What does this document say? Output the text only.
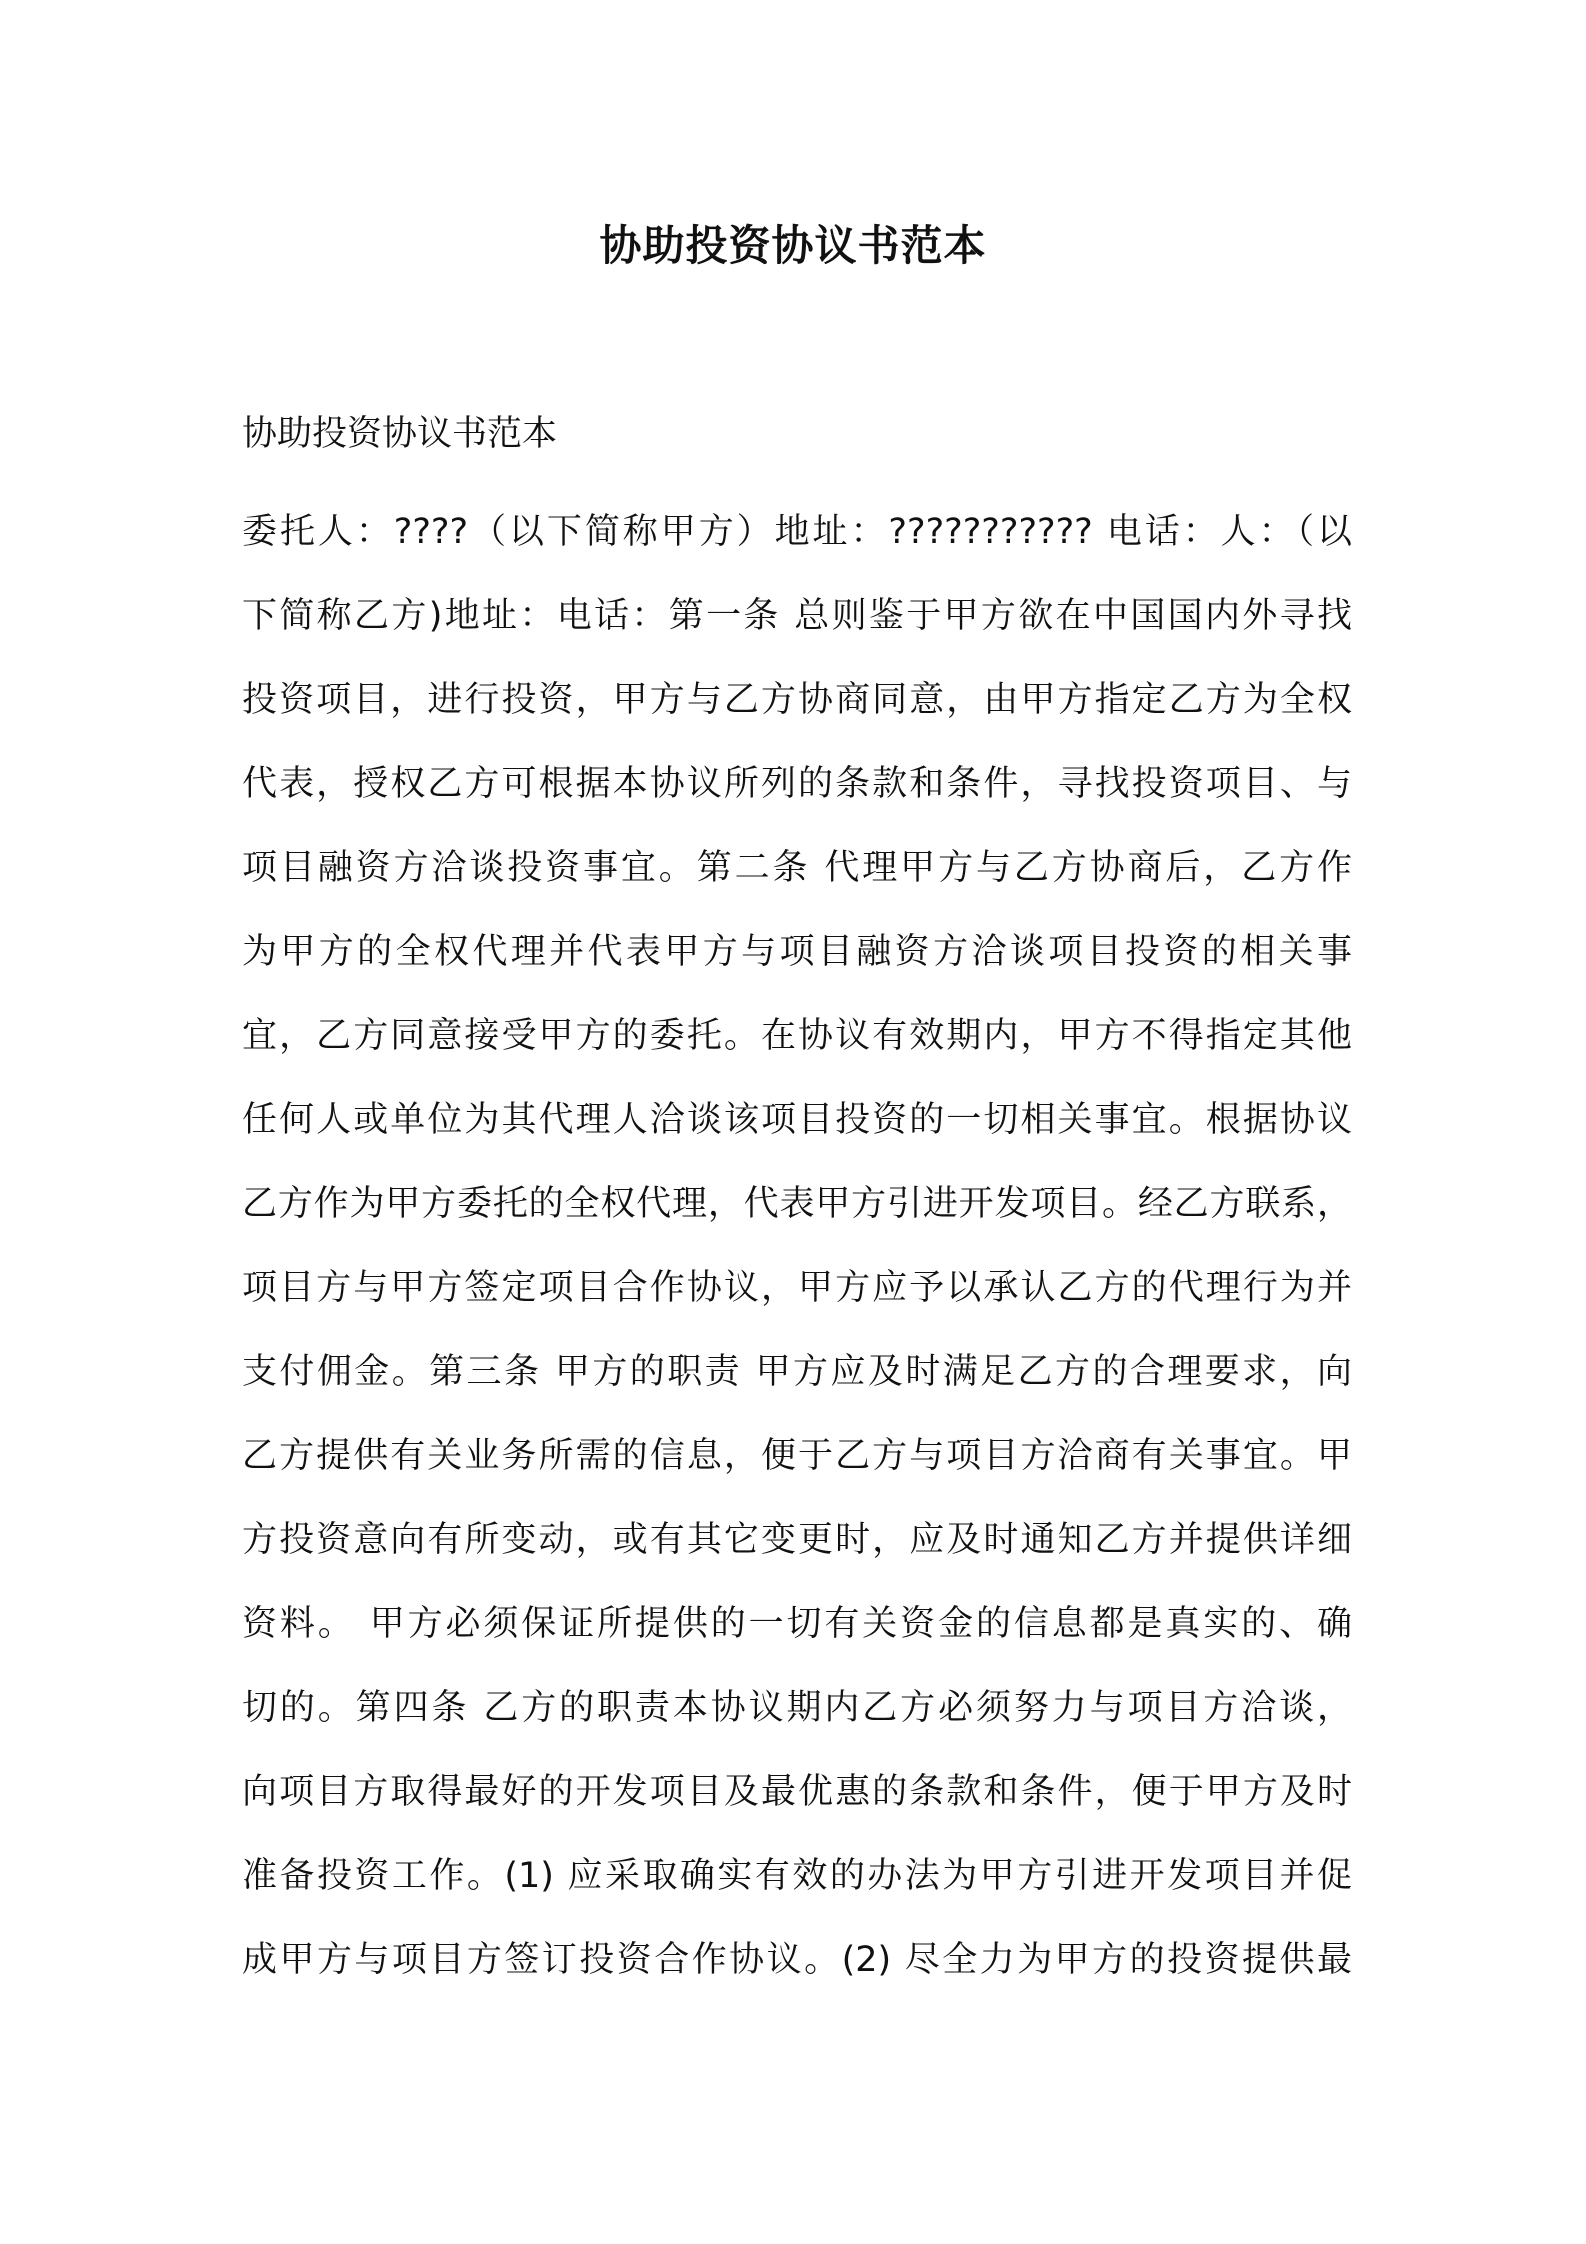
协助投资协议书范本

协助投资协议书范本

委托人：????（以下简称甲方）地址：??????????? 电话：人：（以
下简称乙方)地址：电话：第一条 总则鉴于甲方欲在中国国内外寻找
投资项目，进行投资，甲方与乙方协商同意，由甲方指定乙方为全权
代表，授权乙方可根据本协议所列的条款和条件，寻找投资项目、与
项目融资方洽谈投资事宜。第二条 代理甲方与乙方协商后，乙方作
为甲方的全权代理并代表甲方与项目融资方洽谈项目投资的相关事
宜，乙方同意接受甲方的委托。在协议有效期内，甲方不得指定其他
任何人或单位为其代理人洽谈该项目投资的一切相关事宜。根据协议
乙方作为甲方委托的全权代理，代表甲方引进开发项目。经乙方联系，
项目方与甲方签定项目合作协议，甲方应予以承认乙方的代理行为并
支付佣金。第三条 甲方的职责 甲方应及时满足乙方的合理要求，向
乙方提供有关业务所需的信息，便于乙方与项目方洽商有关事宜。甲
方投资意向有所变动，或有其它变更时，应及时通知乙方并提供详细
资料。 甲方必须保证所提供的一切有关资金的信息都是真实的、确
切的。第四条 乙方的职责本协议期内乙方必须努力与项目方洽谈，
向项目方取得最好的开发项目及最优惠的条款和条件，便于甲方及时
准备投资工作。(1) 应采取确实有效的办法为甲方引进开发项目并促
成甲方与项目方签订投资合作协议。(2) 尽全力为甲方的投资提供最
